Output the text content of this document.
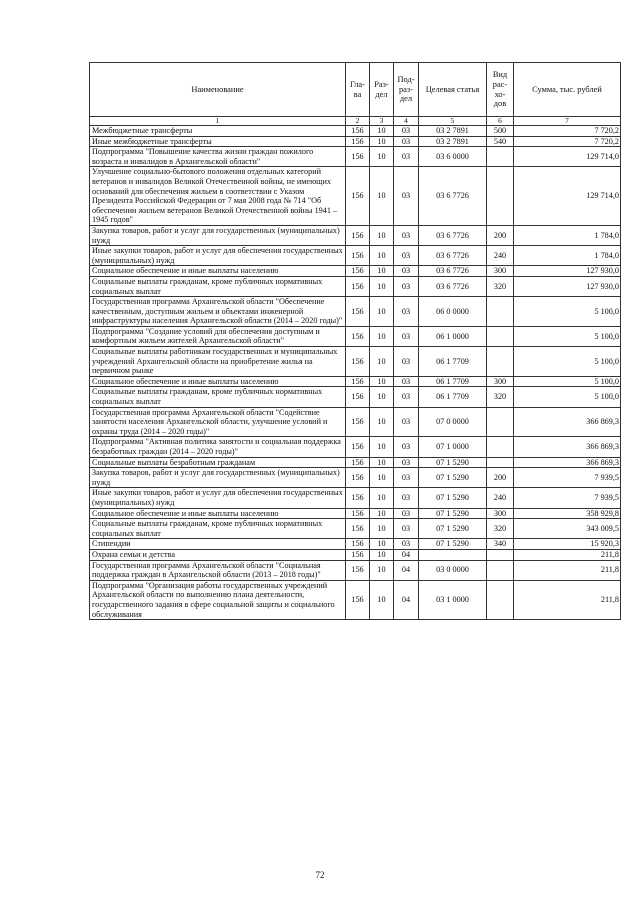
Наименование	Гла-ва	Раз-дел	Под-раз-дел	Целевая статья	Вид рас-хо-дов	Сумма, тыс. рублей
1	2	3	4	5	6	7
Межбюджетные трансферты	156	10	03	03 2 7891	500	7 720,2
Иные межбюджетные трансферты	156	10	03	03 2 7891	540	7 720,2
Подпрограмма "Повышение качества жизни граждан пожилого возраста и инвалидов в Архангельской области"	156	10	03	03 6 0000		129 714,0
Улучшение социально-бытового положения отдельных категорий ветеранов и инвалидов Великой Отечественной войны, не имеющих оснований для обеспечения жильем в соответствии с Указом Президента Российской Федерации от 7 мая 2008 года № 714 "Об обеспечении жильем ветеранов Великой Отечественной войны 1941 – 1945 годов"	156	10	03	03 6 7726		129 714,0
Закупка товаров, работ и услуг для государственных (муниципальных) нужд	156	10	03	03 6 7726	200	1 784,0
Иные закупки товаров, работ и услуг для обеспечения государственных (муниципальных) нужд	156	10	03	03 6 7726	240	1 784,0
Социальное обеспечение и иные выплаты населению	156	10	03	03 6 7726	300	127 930,0
Социальные выплаты гражданам, кроме публичных нормативных социальных выплат	156	10	03	03 6 7726	320	127 930,0
Государственная программа Архангельской области "Обеспечение качественным, доступным жильем и объектами инженерной инфраструктуры населения Архангельской области (2014 – 2020 годы)"	156	10	03	06 0 0000		5 100,0
Подпрограмма "Создание условий для обеспечения доступным и комфортным жильем жителей Архангельской области"	156	10	03	06 1 0000		5 100,0
Социальные выплаты работникам государственных и муниципальных учреждений Архангельской области на приобретение жилья на первичном рынке	156	10	03	06 1 7709		5 100,0
Социальное обеспечение и иные выплаты населению	156	10	03	06 1 7709	300	5 100,0
Социальные выплаты гражданам, кроме публичных нормативных социальных выплат	156	10	03	06 1 7709	320	5 100,0
Государственная программа Архангельской области "Содействие занятости населения Архангельской области, улучшение условий и охраны труда (2014 – 2020 годы)"	156	10	03	07 0 0000		366 869,3
Подпрограмма "Активная политика занятости и социальная поддержка безработных граждан (2014 – 2020 годы)"	156	10	03	07 1 0000		366 869,3
Социальные выплаты безработным гражданам	156	10	03	07 1 5290		366 869,3
Закупка товаров, работ и услуг для государственных (муниципальных) нужд	156	10	03	07 1 5290	200	7 939,5
Иные закупки товаров, работ и услуг для обеспечения государственных (муниципальных) нужд	156	10	03	07 1 5290	240	7 939,5
Социальное обеспечение и иные выплаты населению	156	10	03	07 1 5290	300	358 929,8
Социальные выплаты гражданам, кроме публичных нормативных социальных выплат	156	10	03	07 1 5290	320	343 009,5
Стипендии	156	10	03	07 1 5290	340	15 920,3
Охрана семьи и детства	156	10	04			211,8
Государственная программа Архангельской области "Социальная поддержка граждан в Архангельской области (2013 – 2018 годы)"	156	10	04	03 0 0000		211,8
Подпрограмма "Организация работы государственных учреждений Архангельской области по выполнению плана деятельности, государственного задания в сфере социальной защиты и социального обслуживания	156	10	04	03 1 0000		211,8
72
